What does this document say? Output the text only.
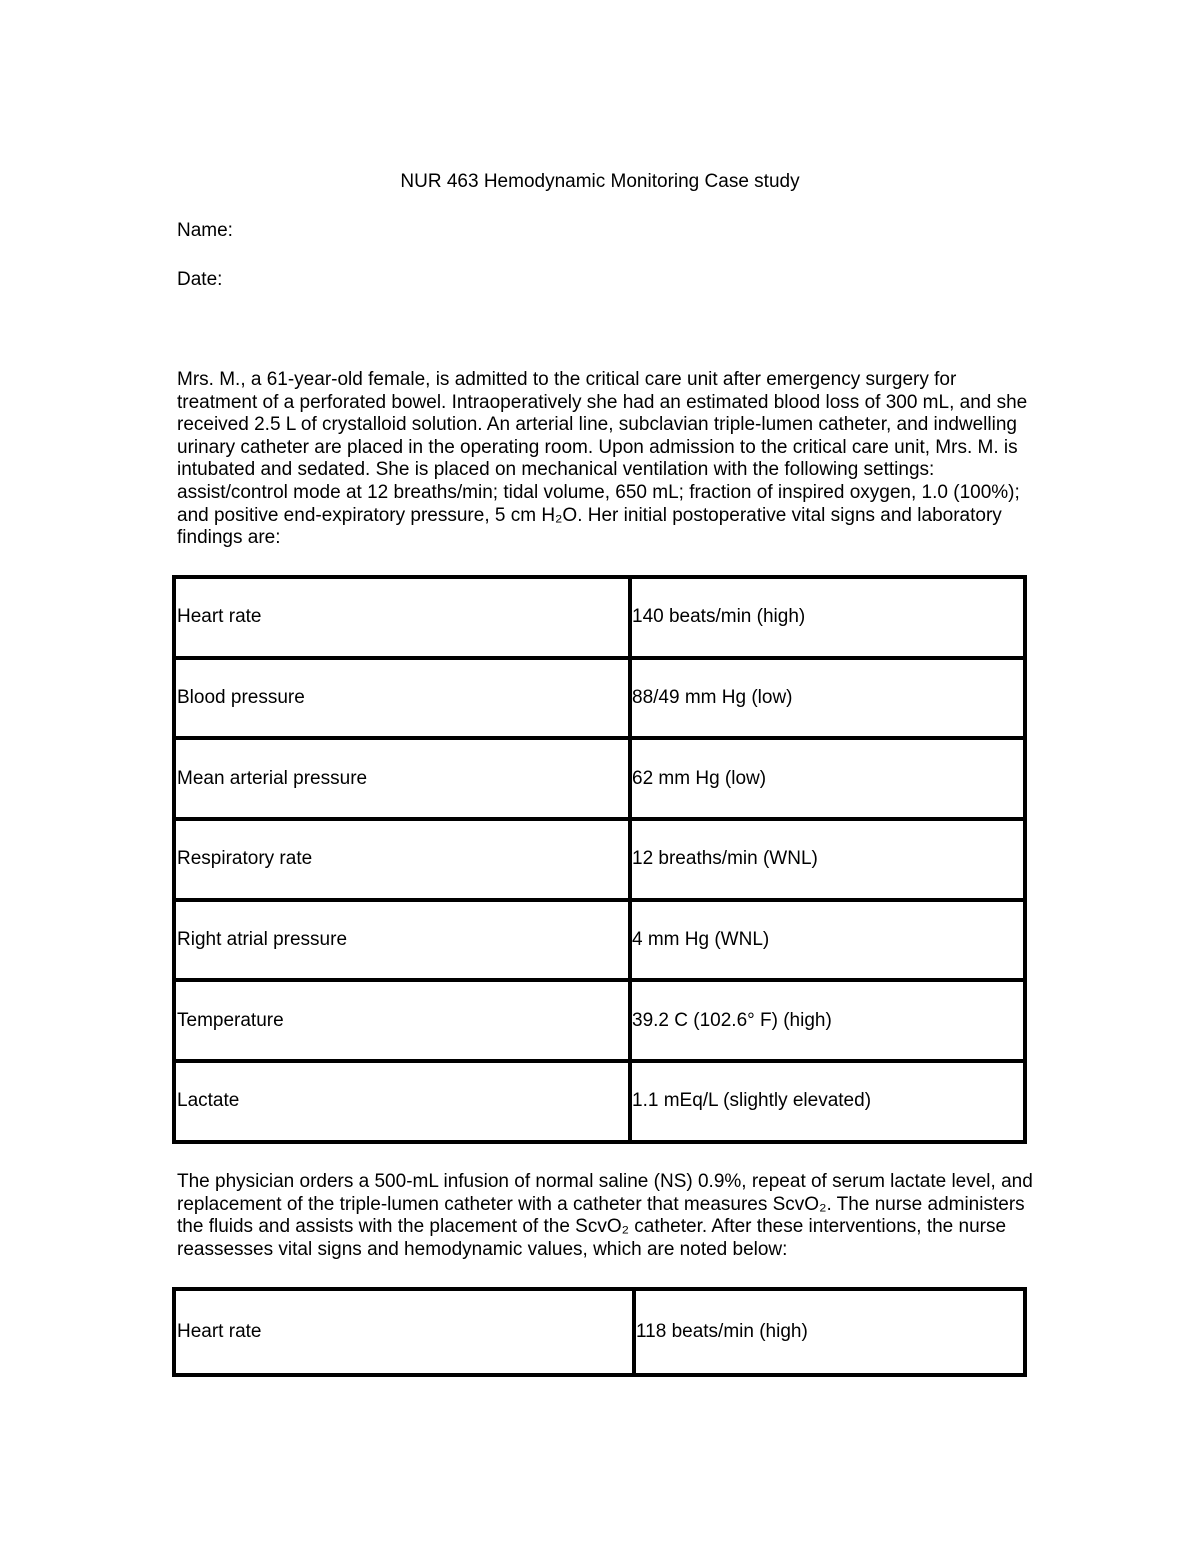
NUR 463 Hemodynamic Monitoring Case study
Name:
Date:

Mrs. M., a 61-year-old female, is admitted to the critical care unit after emergency surgery for treatment of a perforated bowel. Intraoperatively she had an estimated blood loss of 300 mL, and she received 2.5 L of crystalloid solution. An arterial line, subclavian triple-lumen catheter, and indwelling urinary catheter are placed in the operating room. Upon admission to the critical care unit, Mrs. M. is intubated and sedated. She is placed on mechanical ventilation with the following settings: assist/control mode at 12 breaths/min; tidal volume, 650 mL; fraction of inspired oxygen, 1.0 (100%); and positive end-expiratory pressure, 5 cm H₂O. Her initial postoperative vital signs and laboratory findings are:

Heart rate	140 beats/min (high)
Blood pressure	88/49 mm Hg (low)
Mean arterial pressure	62 mm Hg (low)
Respiratory rate	12 breaths/min (WNL)
Right atrial pressure	4 mm Hg (WNL)
Temperature	39.2 C (102.6° F) (high)
Lactate	1.1 mEq/L (slightly elevated)

The physician orders a 500-mL infusion of normal saline (NS) 0.9%, repeat of serum lactate level, and replacement of the triple-lumen catheter with a catheter that measures ScvO₂. The nurse administers the fluids and assists with the placement of the ScvO₂ catheter. After these interventions, the nurse reassesses vital signs and hemodynamic values, which are noted below:

Heart rate	118 beats/min (high)
